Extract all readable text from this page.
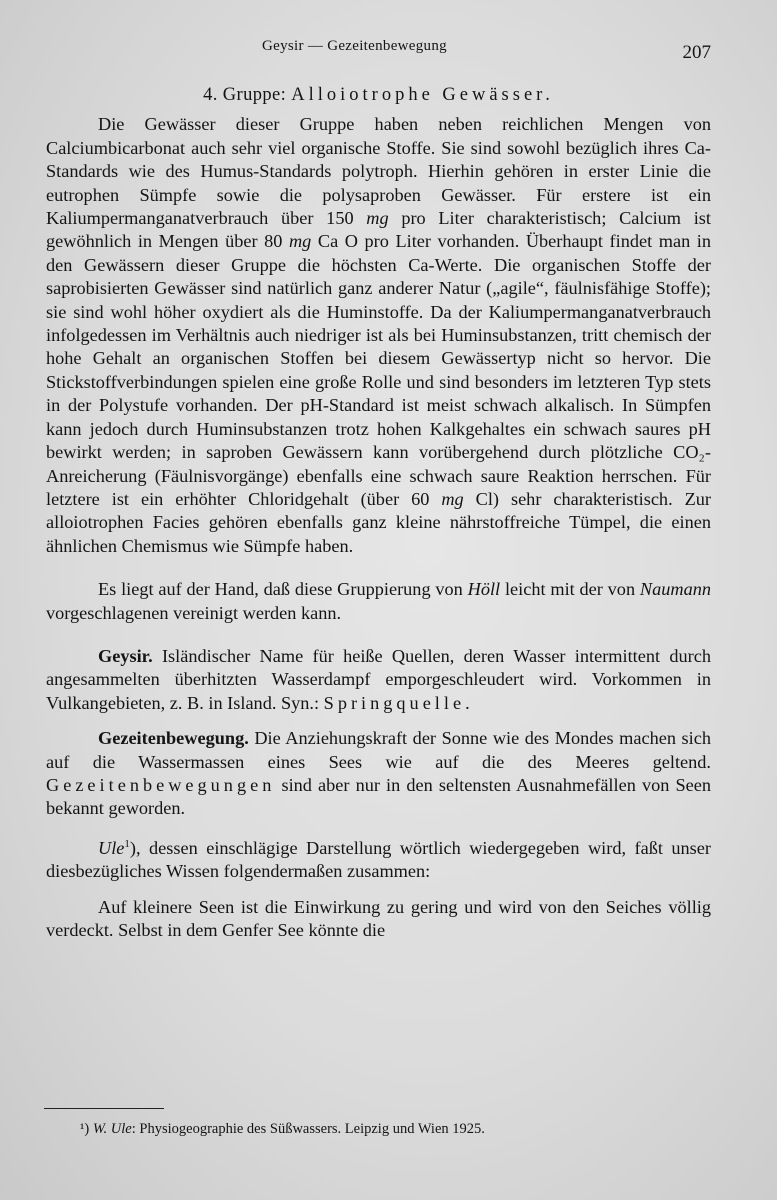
Geysir — Gezeitenbewegung	207
4. Gruppe: Alloiotrophe Gewässer.

Die Gewässer dieser Gruppe haben neben reichlichen Mengen von Calciumbicarbonat auch sehr viel organische Stoffe. Sie sind sowohl bezüglich ihres Ca-Standards wie des Humus-Standards polytroph. Hierhin gehören in erster Linie die eutrophen Sümpfe sowie die polysaproben Gewässer. Für erstere ist ein Kaliumpermanganatverbrauch über 150 mg pro Liter charakteristisch; Calcium ist gewöhnlich in Mengen über 80 mg Ca O pro Liter vorhanden. Überhaupt findet man in den Gewässern dieser Gruppe die höchsten Ca-Werte. Die organischen Stoffe der saprobisierten Gewässer sind natürlich ganz anderer Natur („agile“, fäulnisfähige Stoffe); sie sind wohl höher oxydiert als die Huminstoffe. Da der Kaliumpermanganatverbrauch infolgedessen im Verhältnis auch niedriger ist als bei Huminsubstanzen, tritt chemisch der hohe Gehalt an organischen Stoffen bei diesem Gewässertyp nicht so hervor. Die Stickstoffverbindungen spielen eine große Rolle und sind besonders im letzteren Typ stets in der Polystufe vorhanden. Der pH-Standard ist meist schwach alkalisch. In Sümpfen kann jedoch durch Huminsubstanzen trotz hohen Kalkgehaltes ein schwach saures pH bewirkt werden; in saproben Gewässern kann vorübergehend durch plötzliche CO₂-Anreicherung (Fäulnisvorgänge) ebenfalls eine schwach saure Reaktion herrschen. Für letztere ist ein erhöhter Chloridgehalt (über 60 mg Cl) sehr charakteristisch. Zur alloiotrophen Facies gehören ebenfalls ganz kleine nährstoffreiche Tümpel, die einen ähnlichen Chemismus wie Sümpfe haben.

Es liegt auf der Hand, daß diese Gruppierung von Höll leicht mit der von Naumann vorgeschlagenen vereinigt werden kann.

Geysir. Isländischer Name für heiße Quellen, deren Wasser intermittent durch angesammelten überhitzten Wasserdampf emporgeschleudert wird. Vorkommen in Vulkangebieten, z. B. in Island. Syn.: Springquelle.

Gezeitenbewegung. Die Anziehungskraft der Sonne wie des Mondes machen sich auf die Wassermassen eines Sees wie auf die des Meeres geltend. Gezeitenbewegungen sind aber nur in den seltensten Ausnahmefällen von Seen bekannt geworden.

Ule$^1$), dessen einschlägige Darstellung wörtlich wiedergegeben wird, faßt unser diesbezügliches Wissen folgendermaßen zusammen:

Auf kleinere Seen ist die Einwirkung zu gering und wird von den Seiches völlig verdeckt. Selbst in dem Genfer See könnte die

¹) W. Ule: Physiogeographie des Süßwassers. Leipzig und Wien 1925.
